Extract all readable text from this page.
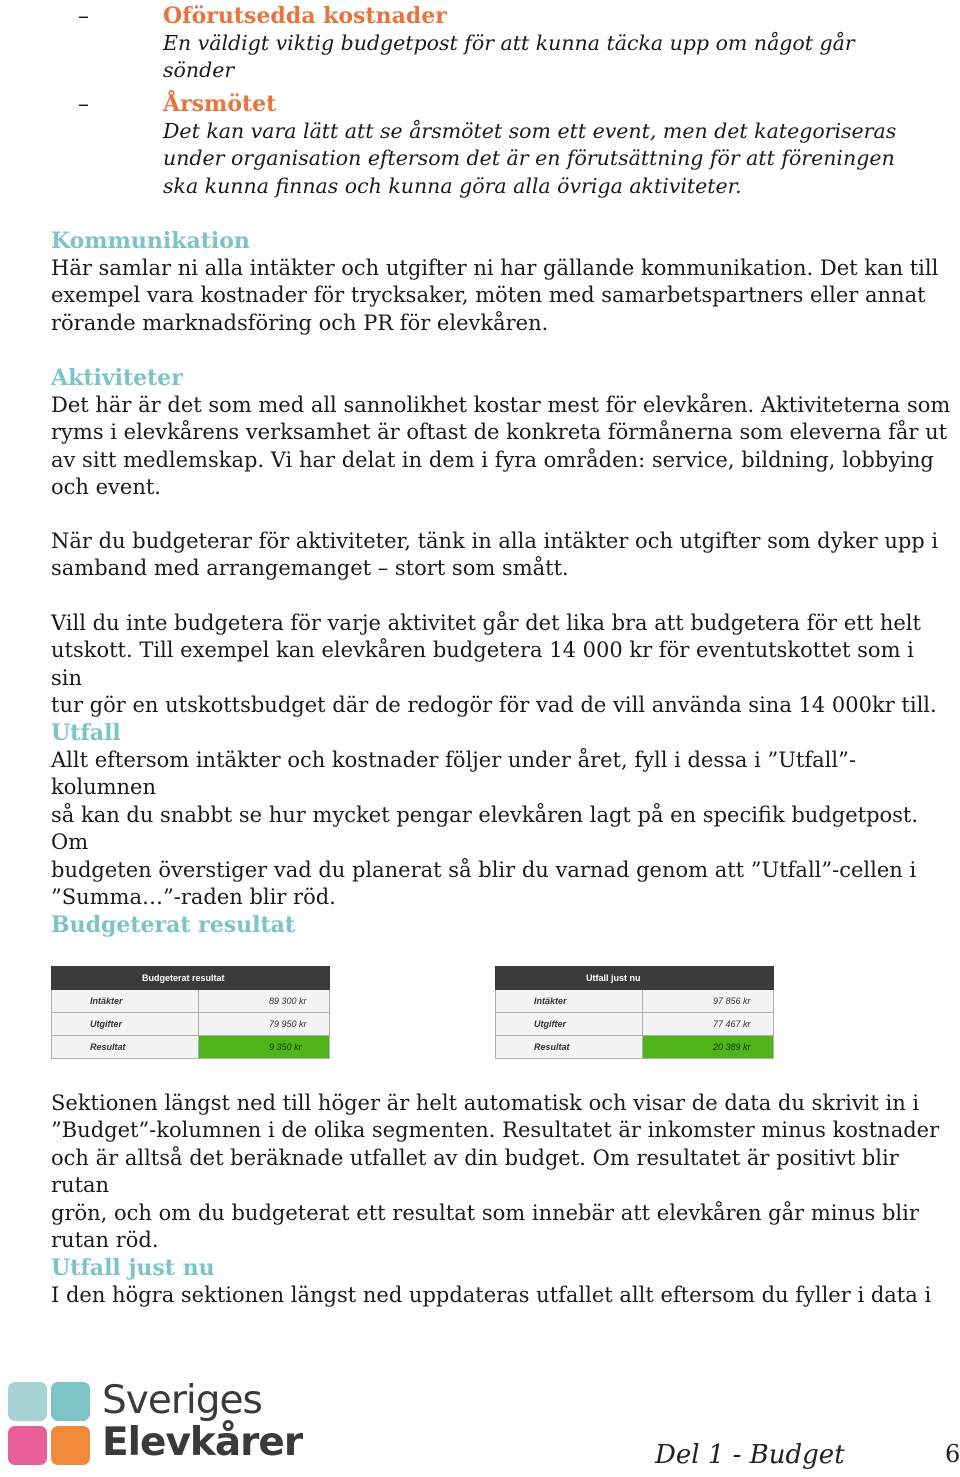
–	Oförutsedda kostnader
En väldigt viktig budgetpost för att kunna täcka upp om något går
sönder
–	Årsmötet
Det kan vara lätt att se årsmötet som ett event, men det kategoriseras
under organisation eftersom det är en förutsättning för att föreningen
ska kunna finnas och kunna göra alla övriga aktiviteter.
Kommunikation

Här samlar ni alla intäkter och utgifter ni har gällande kommunikation. Det kan till

exempel vara kostnader för trycksaker, möten med samarbetspartners eller annat

rörande marknadsföring och PR för elevkåren.

Aktiviteter

Det här är det som med all sannolikhet kostar mest för elevkåren. Aktiviteterna som

ryms i elevkårens verksamhet är oftast de konkreta förmånerna som eleverna får ut

av sitt medlemskap. Vi har delat in dem i fyra områden: service, bildning, lobbying

och event.

När du budgeterar för aktiviteter, tänk in alla intäkter och utgifter som dyker upp i

samband med arrangemanget – stort som smått.

Vill du inte budgetera för varje aktivitet går det lika bra att budgetera för ett helt

utskott. Till exempel kan elevkåren budgetera 14 000 kr för eventutskottet som i sin

tur gör en utskottsbudget där de redogör för vad de vill använda sina 14 000kr till.

Utfall

Allt eftersom intäkter och kostnader följer under året, fyll i dessa i ”Utfall”-kolumnen

så kan du snabbt se hur mycket pengar elevkåren lagt på en specifik budgetpost. Om

budgeten överstiger vad du planerat så blir du varnad genom att ”Utfall”-cellen i

”Summa…”-raden blir röd.

Budgeterat resultat
Budgeterat resultat	
Intäkter	89 300 kr
Utgifter	79 950 kr
Resultat	9 350 kr
Utfall just nu	
Intäkter	97 856 kr
Utgifter	77 467 kr
Resultat	20 389 kr

Sektionen längst ned till höger är helt automatisk och visar de data du skrivit in i

”Budget”-kolumnen i de olika segmenten. Resultatet är inkomster minus kostnader

och är alltså det beräknade utfallet av din budget. Om resultatet är positivt blir rutan

grön, och om du budgeterat ett resultat som innebär att elevkåren går minus blir

rutan röd.

Utfall just nu

I den högra sektionen längst ned uppdateras utfallet allt eftersom du fyller i data i

Sveriges
Elevkårer	Del 1 - Budget	6
